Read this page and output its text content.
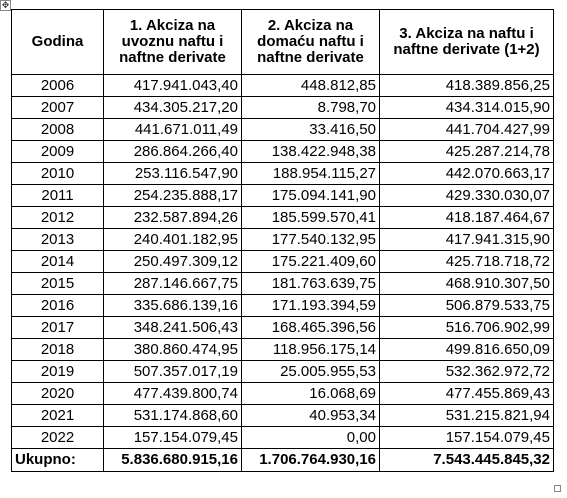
✥
Godina	1. Akciza na uvoznu naftu i naftne derivate	2. Akciza na domaću naftu i naftne derivate	3. Akciza na naftu i naftne derivate (1+2)
2006	417.941.043,40	448.812,85	418.389.856,25
2007	434.305.217,20	8.798,70	434.314.015,90
2008	441.671.011,49	33.416,50	441.704.427,99
2009	286.864.266,40	138.422.948,38	425.287.214,78
2010	253.116.547,90	188.954.115,27	442.070.663,17
2011	254.235.888,17	175.094.141,90	429.330.030,07
2012	232.587.894,26	185.599.570,41	418.187.464,67
2013	240.401.182,95	177.540.132,95	417.941.315,90
2014	250.497.309,12	175.221.409,60	425.718.718,72
2015	287.146.667,75	181.763.639,75	468.910.307,50
2016	335.686.139,16	171.193.394,59	506.879.533,75
2017	348.241.506,43	168.465.396,56	516.706.902,99
2018	380.860.474,95	118.956.175,14	499.816.650,09
2019	507.357.017,19	25.005.955,53	532.362.972,72
2020	477.439.800,74	16.068,69	477.455.869,43
2021	531.174.868,60	40.953,34	531.215.821,94
2022	157.154.079,45	0,00	157.154.079,45
Ukupno:	5.836.680.915,16	1.706.764.930,16	7.543.445.845,32
